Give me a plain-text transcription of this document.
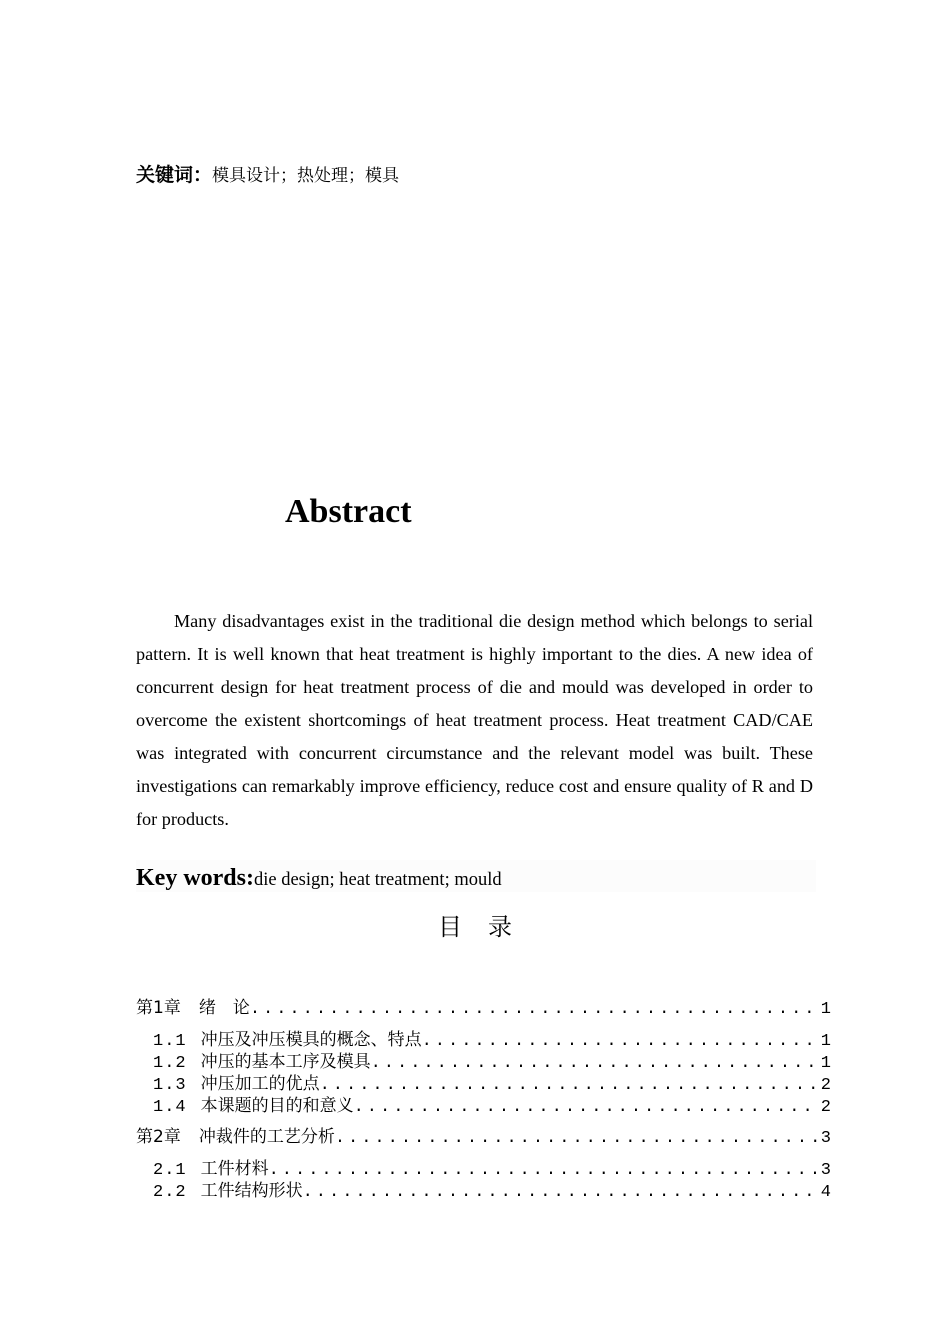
关键词：模具设计；热处理；模具
Abstract

Many disadvantages exist in the traditional die design method which belongs to serial pattern. It is well known that heat treatment is highly important to the dies. A new idea of concurrent design for heat treatment process of die and mould was developed in order to overcome the existent shortcomings of heat treatment process. Heat treatment CAD/CAE was integrated with concurrent circumstance and the relevant model was built. These investigations can remarkably improve efficiency, reduce cost and ensure quality of R and D for products.

Key words:die design; heat treatment; mould
目录
第1章 绪　论 .....	1
1.1 冲压及冲压模具的概念、特点 .....	1
1.2 冲压的基本工序及模具 .....	1
1.3 冲压加工的优点 .....	2
1.4 本课题的目的和意义 .....	2
第2章 冲裁件的工艺分析 .....	3
2.1 工件材料 .....	3
2.2 工件结构形状 .....	4
